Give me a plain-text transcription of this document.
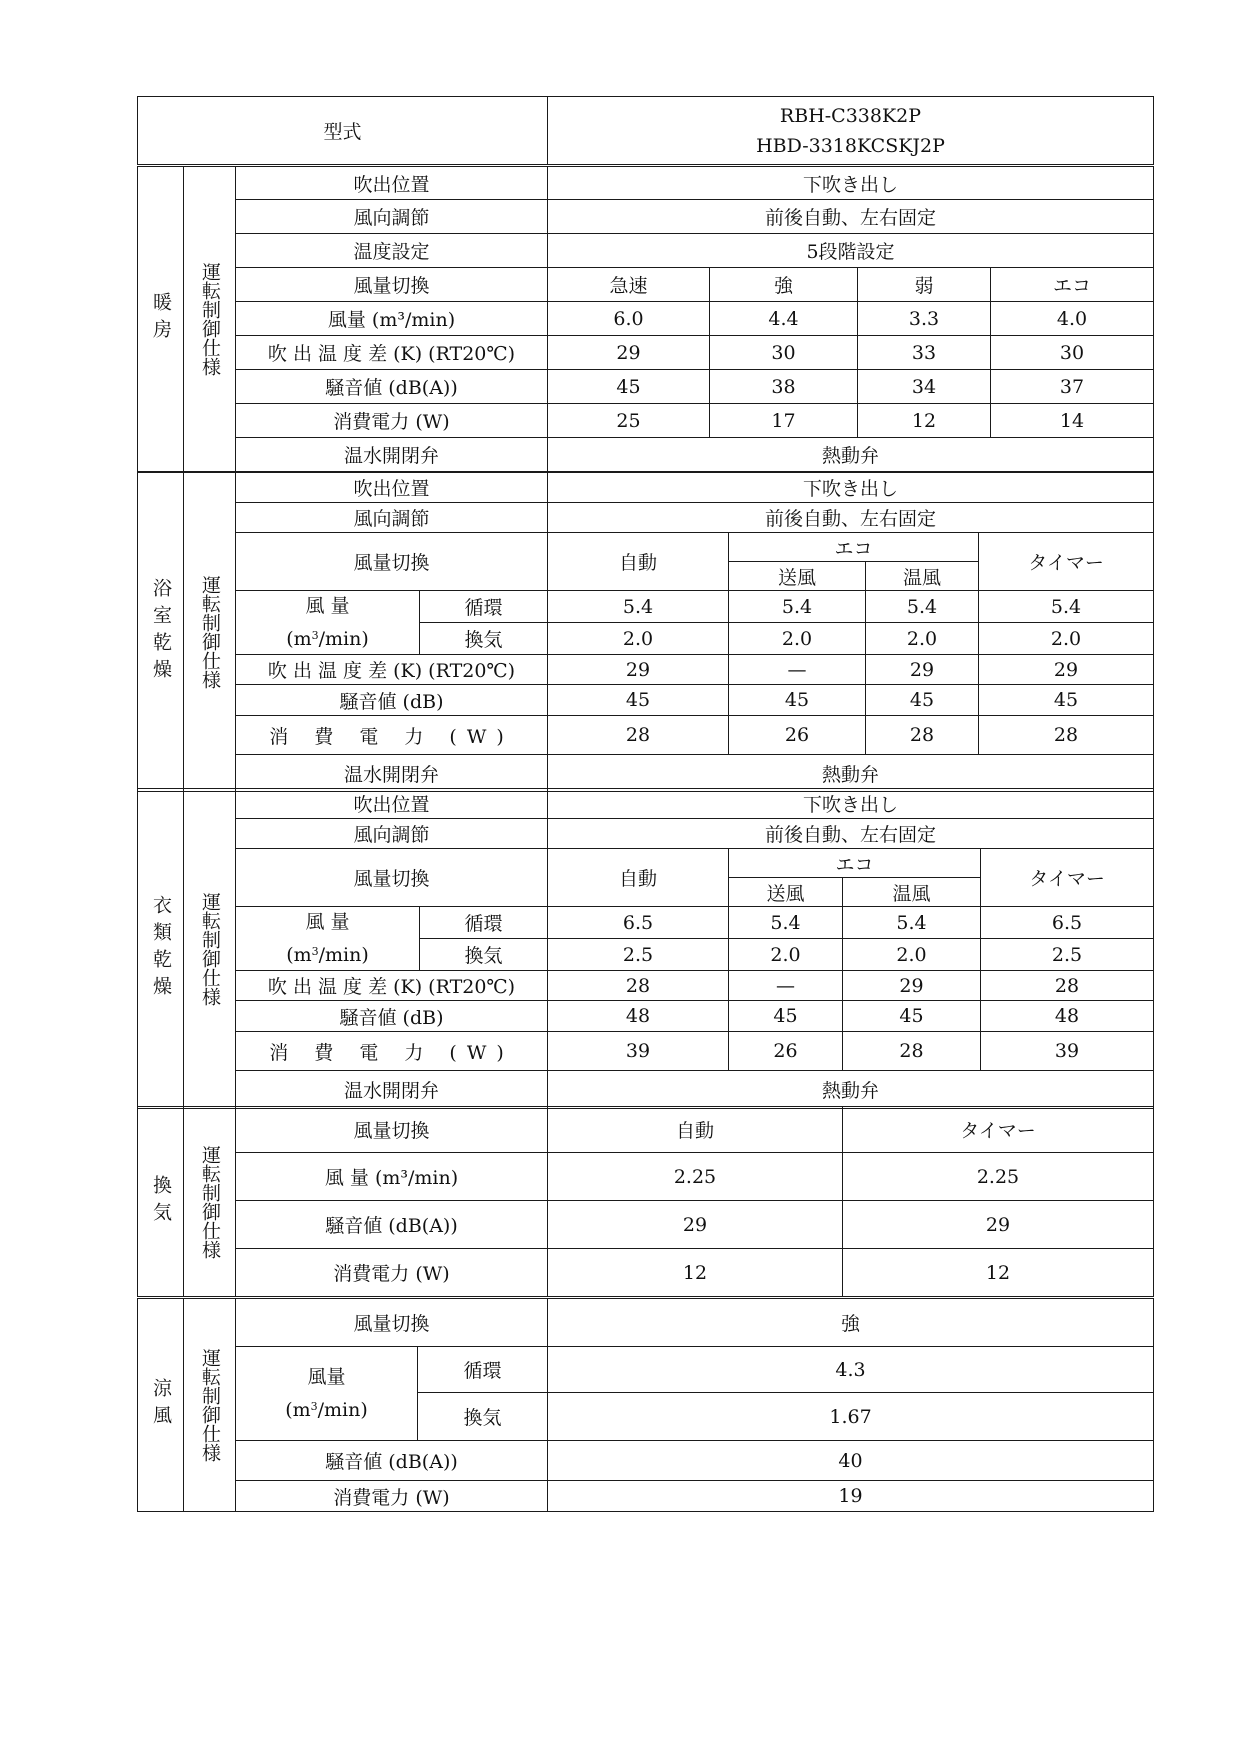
型式	
RBH-C338K2P
HBD-3318KCSKJ2P
暖房	運転制御仕様	吹出位置	下吹き出し			
		風向調節	前後自動、左右固定			
		温度設定	5段階設定			
		風量切換	急速	強	弱	エコ
		風量 (m³/min)	6.0	4.4	3.3	4.0
		吹 出 温 度 差 (K) (RT20℃)	29	30	33	30
		騒音値 (dB(A))	45	38	34	37
		消費電力 (W)	25	17	12	14
		温水開閉弁	熱動弁			
浴室乾燥	運転制御仕様	吹出位置		下吹き出し			
		風向調節		前後自動、左右固定			
		風量切換		自動	エコ		タイマー
					送風	温風	

		風 量
$(m^3/\min)$	循環	5.4	5.4	5.4	5.4
			換気	2.0	2.0	2.0	2.0
		吹 出 温 度 差 (K) (RT20℃)		29	—	29	29
		騒音値 (dB)		45	45	45	45
		消 費 電 力 (W)		28	26	28	28
		温水開閉弁		熱動弁			
衣類乾燥	運転制御仕様	吹出位置		下吹き出し			
		風向調節		前後自動、左右固定			
		風量切換		自動	エコ		タイマー
					送風	温風	

		風 量
$(m^3/\min)$	循環	6.5	5.4	5.4	6.5
			換気	2.5	2.0	2.0	2.5
		吹 出 温 度 差 (K) (RT20℃)		28	—	29	28
		騒音値 (dB)		48	45	45	48
		消 費 電 力 (W)		39	26	28	39
		温水開閉弁		熱動弁			
換気	運転制御仕様	風量切換	自動	タイマー
		風 量 (m³/min)	2.25	2.25
		騒音値 (dB(A))	29	29
		消費電力 (W)	12	12
涼風	運転制御仕様	風量切換		強

		風量
$(m^3/\min)$	循環	4.3
			換気	1.67
		騒音値 (dB(A))		40
		消費電力 (W)		19
